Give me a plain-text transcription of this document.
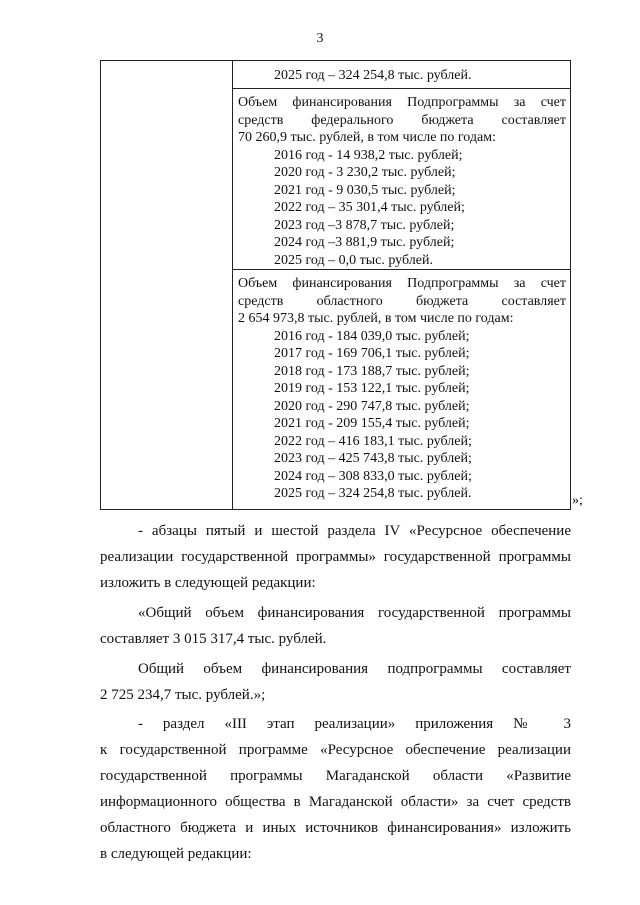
3
2025 год – 324 254,8 тыс. рублей.
Объем финансирования Подпрограммы за счет
средств федерального бюджета составляет
70 260,9 тыс. рублей, в том числе по годам:
2016 год - 14 938,2 тыс. рублей;
2020 год - 3 230,2 тыс. рублей;
2021 год - 9 030,5 тыс. рублей;
2022 год – 35 301,4 тыс. рублей;
2023 год –3 878,7 тыс. рублей;
2024 год –3 881,9 тыс. рублей;
2025 год – 0,0 тыс. рублей.
Объем финансирования Подпрограммы за счет
средств областного бюджета составляет
2 654 973,8 тыс. рублей, в том числе по годам:
2016 год - 184 039,0 тыс. рублей;
2017 год - 169 706,1 тыс. рублей;
2018 год - 173 188,7 тыс. рублей;
2019 год - 153 122,1 тыс. рублей;
2020 год - 290 747,8 тыс. рублей;
2021 год - 209 155,4 тыс. рублей;
2022 год – 416 183,1 тыс. рублей;
2023 год – 425 743,8 тыс. рублей;
2024 год – 308 833,0 тыс. рублей;
2025 год – 324 254,8 тыс. рублей.	»;
- абзацы пятый и шестой раздела IV «Ресурсное обеспечение
реализации государственной программы» государственной программы
изложить в следующей редакции:
«Общий объем финансирования государственной программы
составляет 3 015 317,4 тыс. рублей.
Общий объем финансирования подпрограммы составляет
2 725 234,7 тыс. рублей.»;
- раздел «III этап реализации» приложения № 3
к государственной программе «Ресурсное обеспечение реализации
государственной программы Магаданской области «Развитие
информационного общества в Магаданской области» за счет средств
областного бюджета и иных источников финансирования» изложить
в следующей редакции:
